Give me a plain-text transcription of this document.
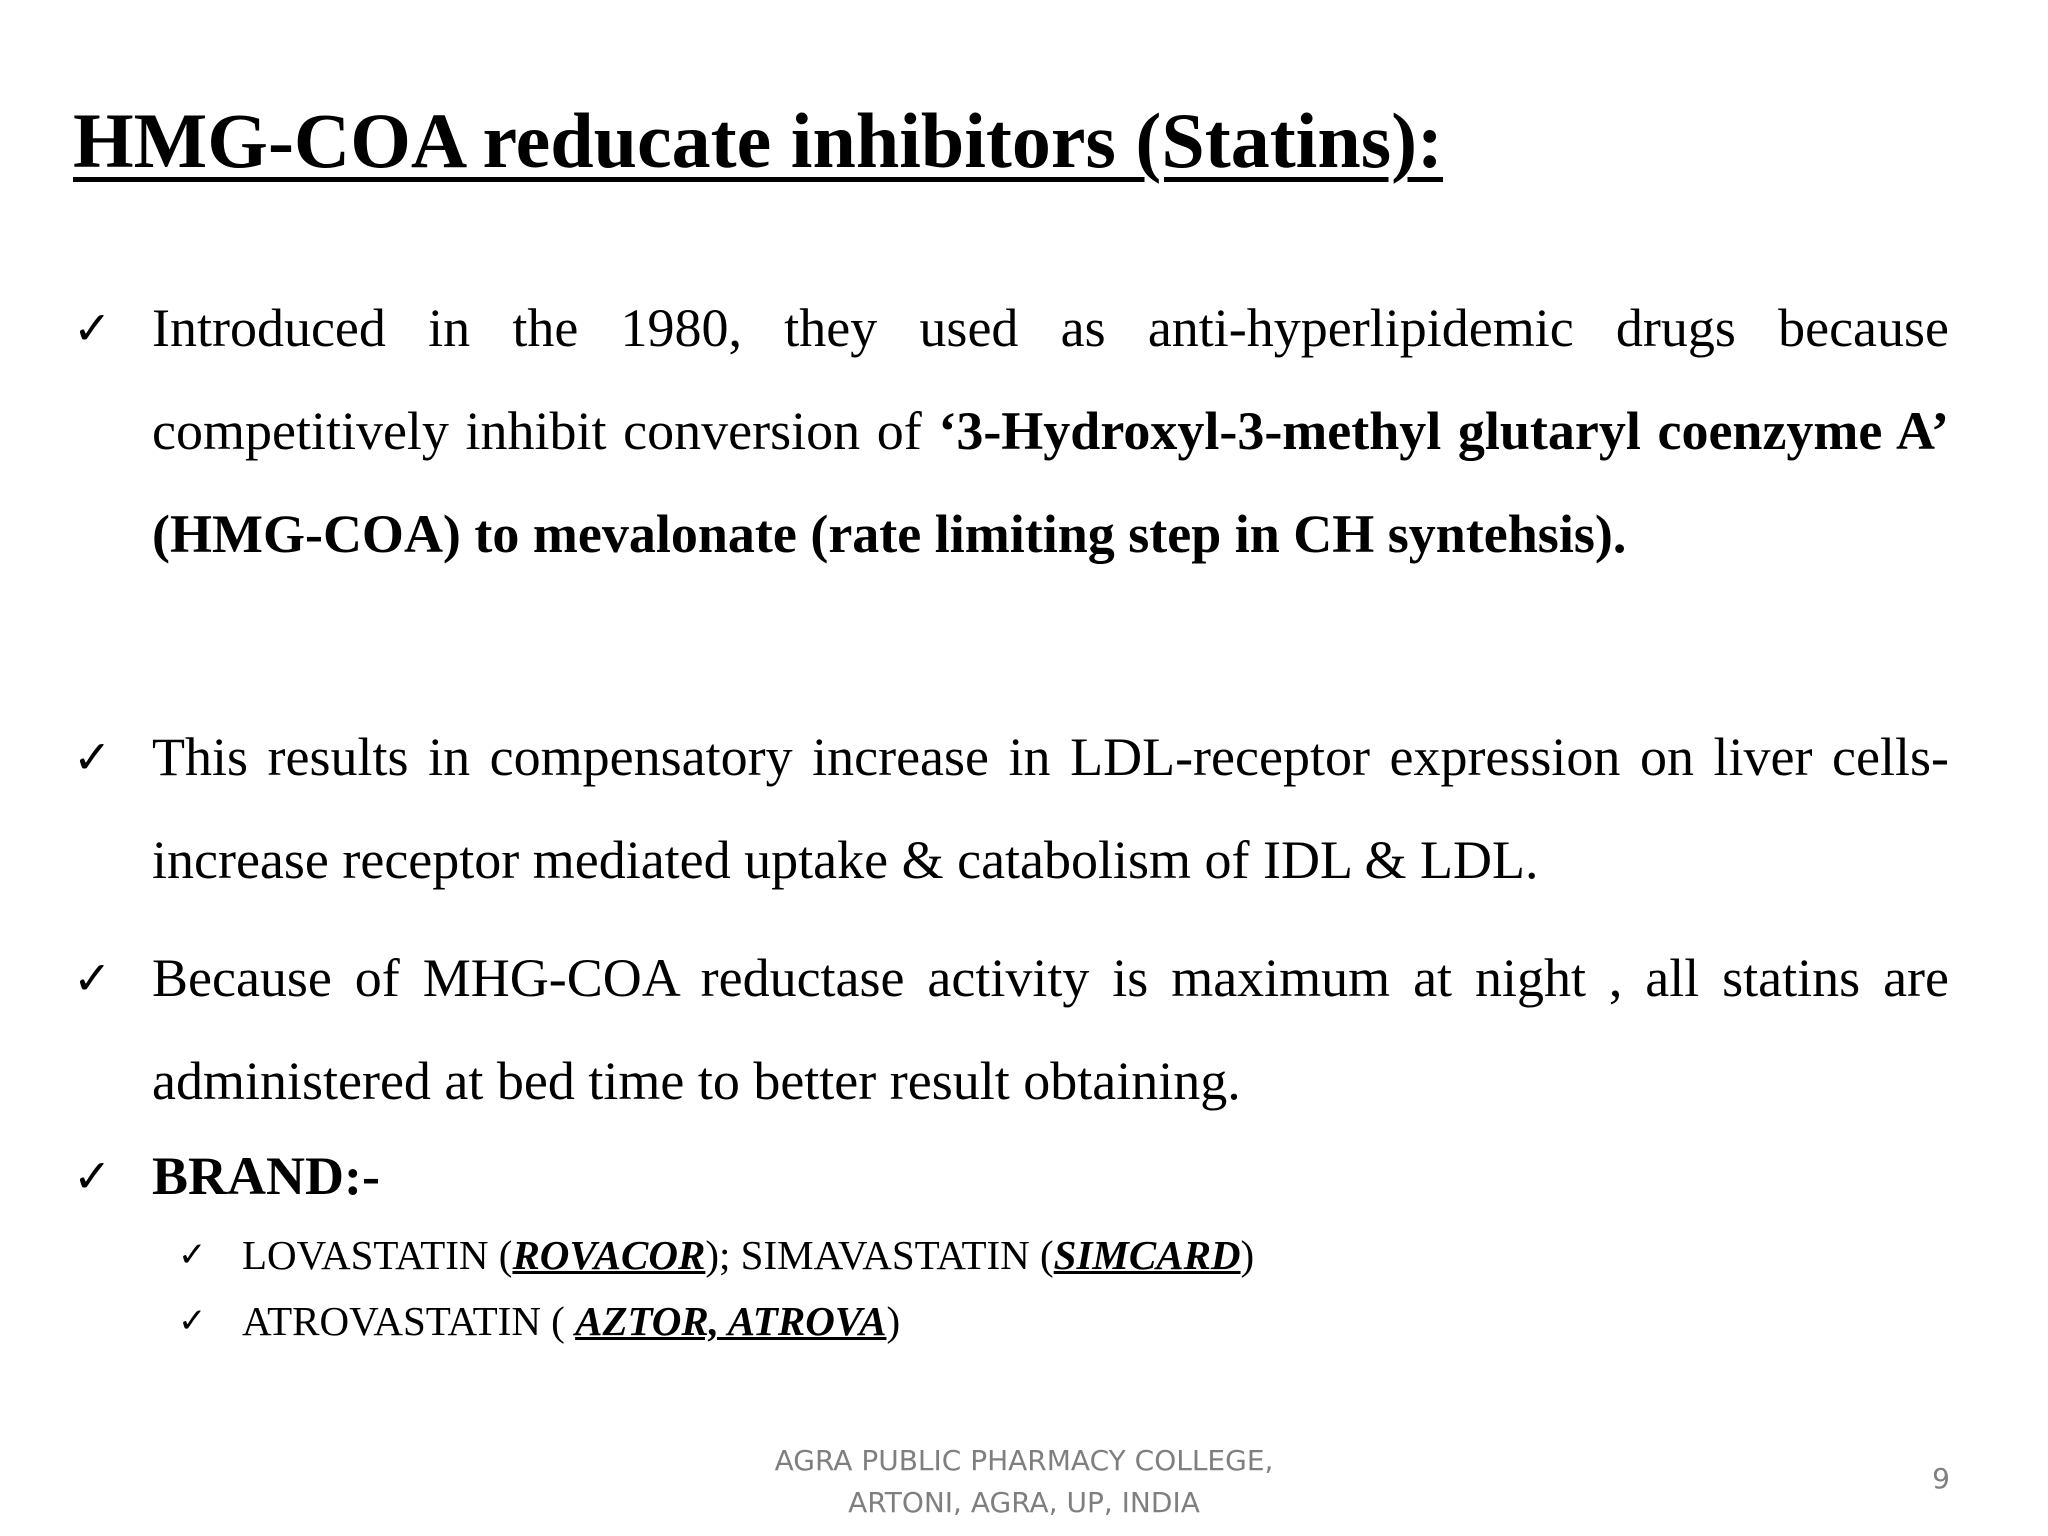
HMG-COA reducate inhibitors (Statins):
✓ Introduced in the 1980, they used as anti-hyperlipidemic drugs because competitively inhibit conversion of ‘3-Hydroxyl-3-methyl glutaryl coenzyme A’ (HMG-COA) to mevalonate (rate limiting step in CH syntehsis).
✓ This results in compensatory increase in LDL-receptor expression on liver cells- increase receptor mediated uptake & catabolism of IDL & LDL.
✓ Because of MHG-COA reductase activity is maximum at night , all statins are administered at bed time to better result obtaining.
✓ BRAND:-
✓ LOVASTATIN (ROVACOR); SIMAVASTATIN (SIMCARD)
✓ ATROVASTATIN ( AZTOR, ATROVA)
AGRA PUBLIC PHARMACY COLLEGE,
ARTONI, AGRA, UP, INDIA
9
